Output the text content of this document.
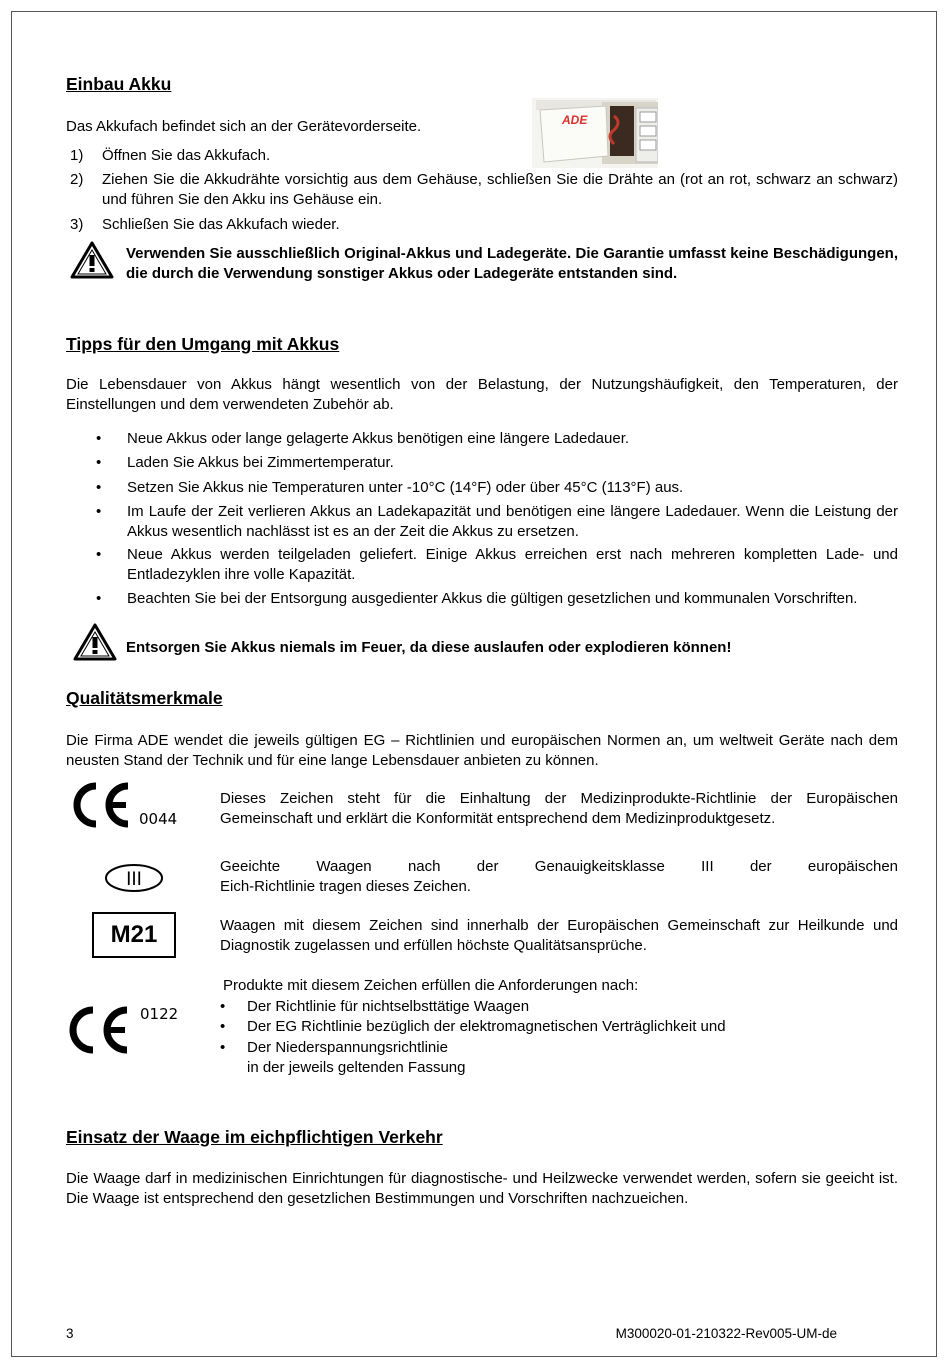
Einbau Akku
Das Akkufach befindet sich an der Gerätevorderseite.	ADE
1) Öffnen Sie das Akkufach.
2) Ziehen Sie die Akkudrähte vorsichtig aus dem Gehäuse, schließen Sie die Drähte an (rot an rot, schwarz an schwarz) und führen Sie den Akku ins Gehäuse ein.
3) Schließen Sie das Akkufach wieder.
Verwenden Sie ausschließlich Original-Akkus und Ladegeräte. Die Garantie umfasst keine Beschädigungen, die durch die Verwendung sonstiger Akkus oder Ladegeräte entstanden sind.
Tipps für den Umgang mit Akkus
Die Lebensdauer von Akkus hängt wesentlich von der Belastung, der Nutzungshäufigkeit, den Temperaturen, der Einstellungen und dem verwendeten Zubehör ab.
• Neue Akkus oder lange gelagerte Akkus benötigen eine längere Ladedauer.
• Laden Sie Akkus bei Zimmertemperatur.
• Setzen Sie Akkus nie Temperaturen unter -10°C (14°F) oder über 45°C (113°F) aus.
• Im Laufe der Zeit verlieren Akkus an Ladekapazität und benötigen eine längere Ladedauer. Wenn die Leistung der Akkus wesentlich nachlässt ist es an der Zeit die Akkus zu ersetzen.
• Neue Akkus werden teilgeladen geliefert. Einige Akkus erreichen erst nach mehreren kompletten Lade- und Entladezyklen ihre volle Kapazität.
• Beachten Sie bei der Entsorgung ausgedienter Akkus die gültigen gesetzlichen und kommunalen Vorschriften.
Entsorgen Sie Akkus niemals im Feuer, da diese auslaufen oder explodieren können!
Qualitätsmerkmale
Die Firma ADE wendet die jeweils gültigen EG – Richtlinien und europäischen Normen an, um weltweit Geräte nach dem neusten Stand der Technik und für eine lange Lebensdauer anbieten zu können.
0044
Dieses Zeichen steht für die Einhaltung der Medizinprodukte-Richtlinie der Europäischen Gemeinschaft und erklärt die Konformität entsprechend dem Medizinproduktgesetz.
III
Geeichte Waagen nach der Genauigkeitsklasse III der europäischen
Eich-Richtlinie tragen dieses Zeichen.
M21	Waagen mit diesem Zeichen sind innerhalb der Europäischen Gemeinschaft zur Heilkunde und Diagnostik zugelassen und erfüllen höchste Qualitätsansprüche.
0122
Produkte mit diesem Zeichen erfüllen die Anforderungen nach:
• Der Richtlinie für nichtselbsttätige Waagen
• Der EG Richtlinie bezüglich der elektromagnetischen Verträglichkeit und
• Der Niederspannungsrichtlinie
in der jeweils geltenden Fassung
Einsatz der Waage im eichpflichtigen Verkehr
Die Waage darf in medizinischen Einrichtungen für diagnostische- und Heilzwecke verwendet werden, sofern sie geeicht ist. Die Waage ist entsprechend den gesetzlichen Bestimmungen und Vorschriften nachzueichen.
3	M300020-01-210322-Rev005-UM-de
